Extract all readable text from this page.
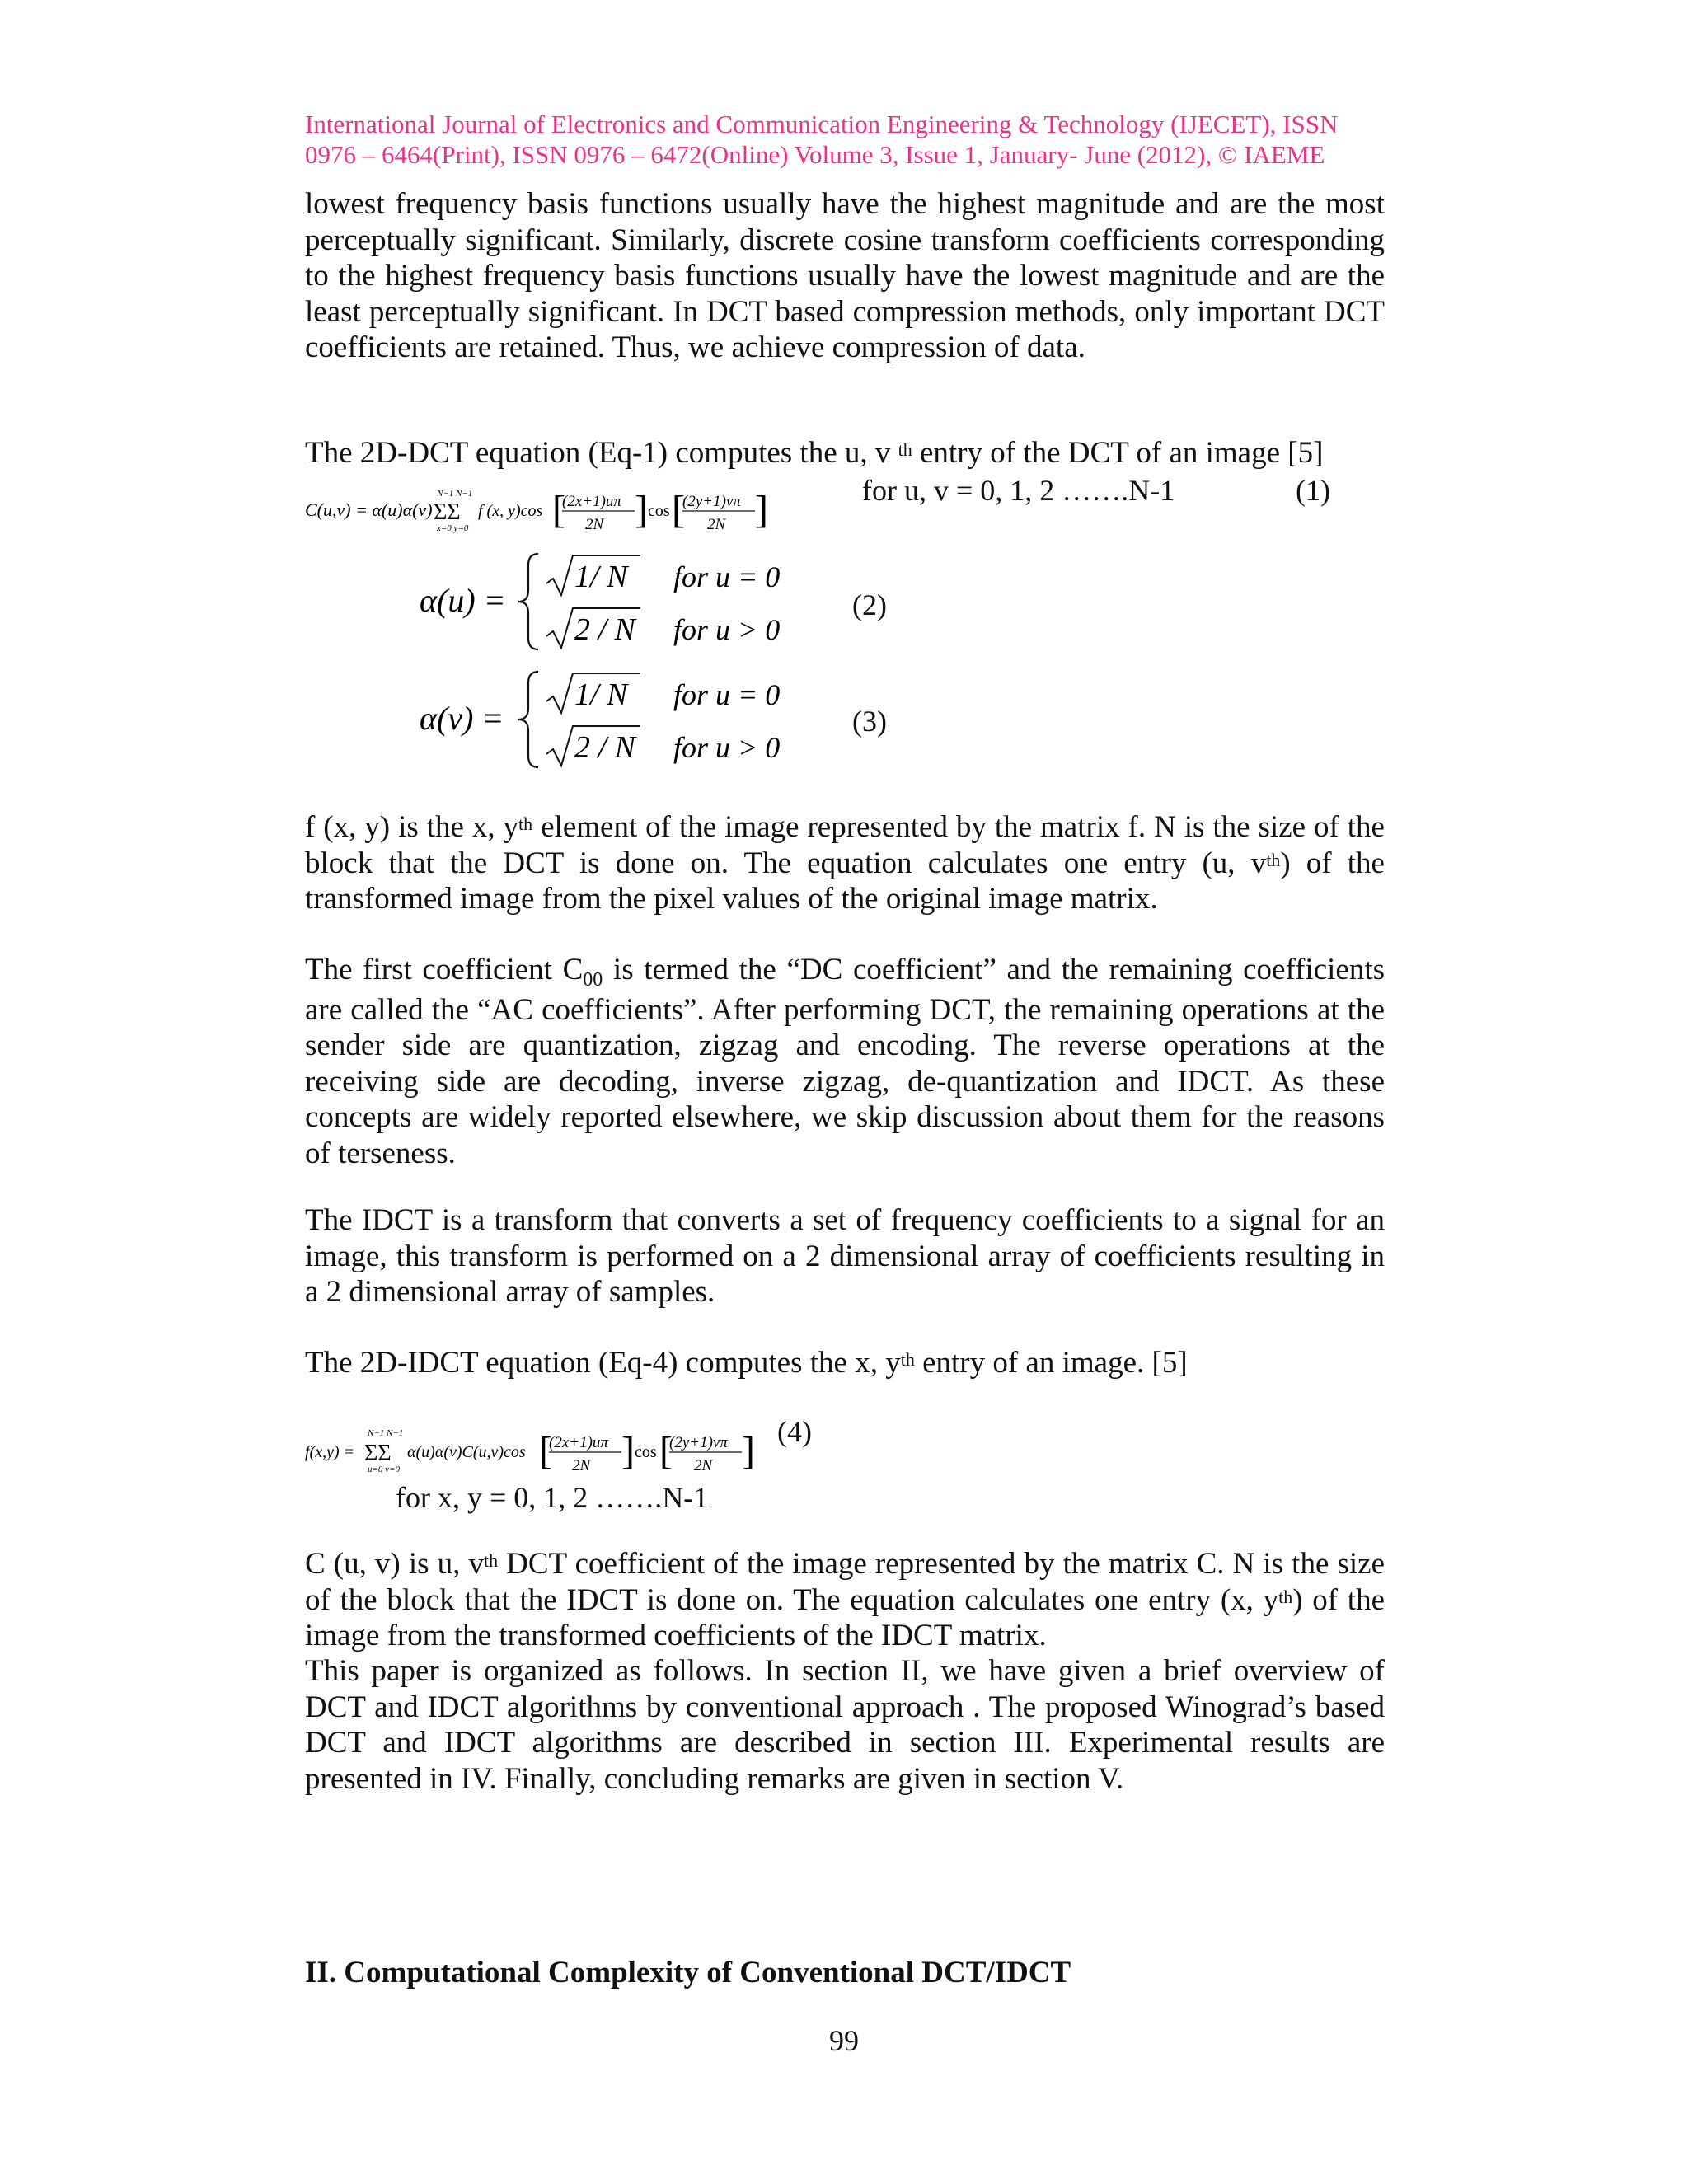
International Journal of Electronics and Communication Engineering & Technology (IJECET), ISSN
0976 – 6464(Print), ISSN 0976 – 6472(Online) Volume 3, Issue 1, January- June (2012), © IAEME

lowest frequency basis functions usually have the highest magnitude and are the most perceptually significant. Similarly, discrete cosine transform coefficients corresponding to the highest frequency basis functions usually have the lowest magnitude and are the least perceptually significant. In DCT based compression methods, only important DCT coefficients are retained. Thus, we achieve compression of data.

The 2D-DCT equation (Eq-1) computes the u, v $^{th}$ entry of the DCT of an image [5]

C(u,v) = α(u)α(v)
N−1 N−1
ΣΣ
x=0 y=0
f (x, y)cos [
(2x+1)uπ
2N ] cos [
(2y+1)vπ
2N ]	for u, v = 0, 1, 2 …….N-1	(1)
α(u) =
1/ N for u = 0
2 / N for u > 0
(2)
α(v) =
1/ N for u = 0
2 / N for u > 0
(3)

f (x, y) is the x, $y^{th}$ element of the image represented by the matrix f. N is the size of the block that the DCT is done on. The equation calculates one entry (u, $v^{th}$) of the transformed image from the pixel values of the original image matrix.

The first coefficient $C_{00}$ is termed the “DC coefficient” and the remaining coefficients are called the “AC coefficients”. After performing DCT, the remaining operations at the sender side are quantization, zigzag and encoding. The reverse operations at the receiving side are decoding, inverse zigzag, de-quantization and IDCT. As these concepts are widely reported elsewhere, we skip discussion about them for the reasons of terseness.

The IDCT is a transform that converts a set of frequency coefficients to a signal for an image, this transform is performed on a 2 dimensional array of coefficients resulting in a 2 dimensional array of samples.

The 2D-IDCT equation (Eq-4) computes the x, $y^{th}$ entry of an image. [5]

f(x,y) =
N−1 N−1
ΣΣ
u=0 v=0
α(u)α(v)C(u,v)cos [
(2x+1)uπ
2N ] cos [
(2y+1)vπ
2N ] (4)
for x, y = 0, 1, 2 …….N-1

C (u, v) is u, $v^{th}$ DCT coefficient of the image represented by the matrix C. N is the size of the block that the IDCT is done on. The equation calculates one entry (x, $y^{th}$) of the image from the transformed coefficients of the IDCT matrix.

This paper is organized as follows. In section II, we have given a brief overview of DCT and IDCT algorithms by conventional approach . The proposed Winograd’s based DCT and IDCT algorithms are described in section III. Experimental results are presented in IV. Finally, concluding remarks are given in section V.

II. Computational Complexity of Conventional DCT/IDCT
99
